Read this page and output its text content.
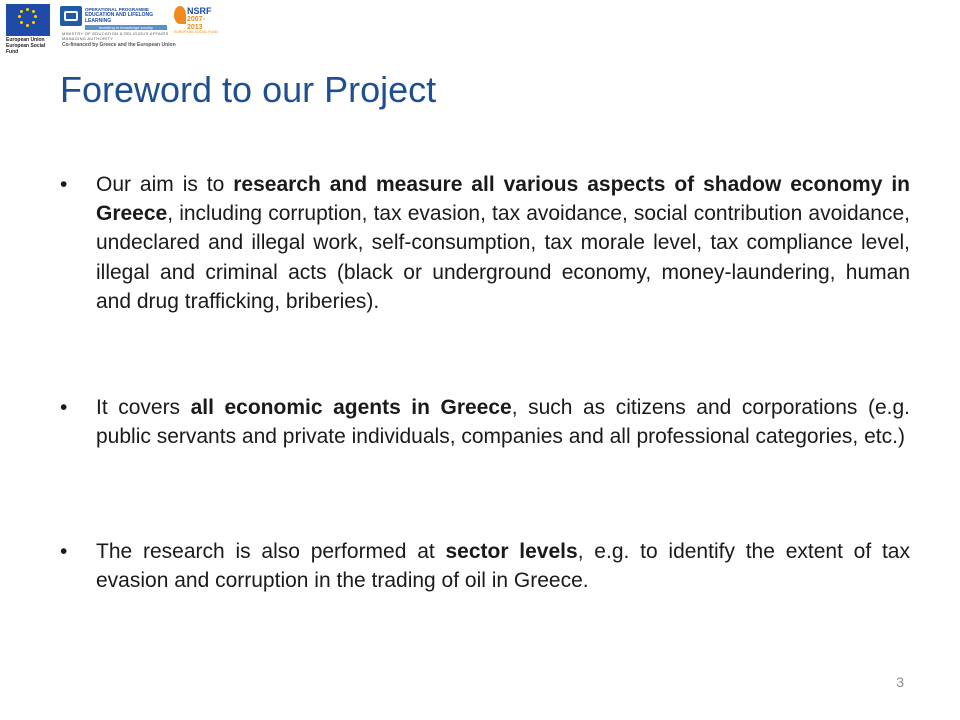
European Union
European Social Fund
OPERATIONAL PROGRAMME
EDUCATION AND LIFELONG LEARNING
investing in knowledge society
MINISTRY OF EDUCATION & RELIGIOUS AFFAIRS
MANAGING AUTHORITY
Co-financed by Greece and the European Union
NSRF
2007-2013
EUROPEAN SOCIAL FUND
Foreword to our Project
•	Our aim is to research and measure all various aspects of shadow economy in Greece, including corruption, tax evasion, tax avoidance, social contribution avoidance, undeclared and illegal work, self-consumption, tax morale level, tax compliance level, illegal and criminal acts (black or underground economy, money-laundering, human and drug trafficking, briberies).
•	It covers all economic agents in Greece, such as citizens and corporations (e.g. public servants and private individuals, companies and all professional categories, etc.)
•	The research is also performed at sector levels, e.g. to identify the extent of tax evasion and corruption in the trading of oil in Greece.
3
